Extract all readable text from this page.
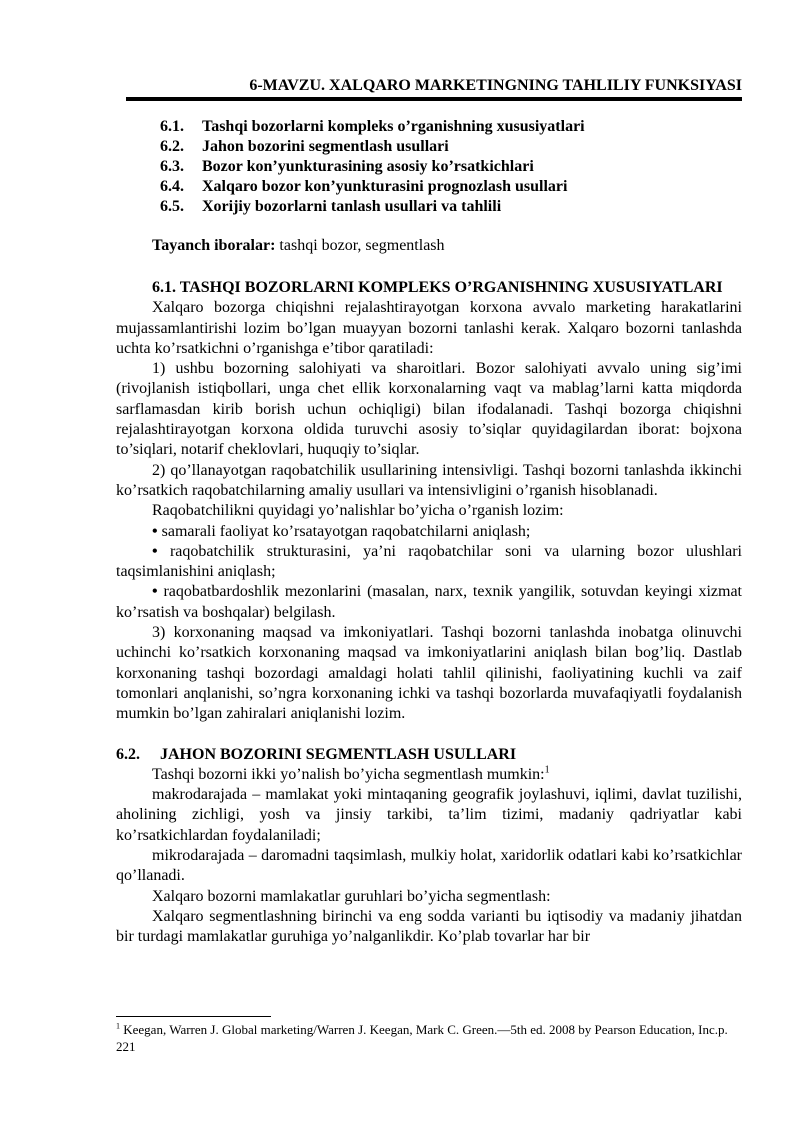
6-MAVZU. XALQARO MARKETINGNING TAHLILIY FUNKSIYASI
6.1.	Tashqi bozorlarni kompleks o’rganishning xususiyatlari
6.2.	Jahon bozorini segmentlash usullari
6.3.	Bozor kon’yunkturasining asosiy ko’rsatkichlari
6.4.	Xalqaro bozor kon’yunkturasini prognozlash usullari
6.5.	Xorijiy bozorlarni tanlash usullari va tahlili
Tayanch iboralar: tashqi bozor, segmentlash

6.1. TASHQI BOZORLARNI KOMPLEKS O’RGANISHNING XUSUSIYATLARI

Xalqaro bozorga chiqishni rejalashtirayotgan korxona avvalo marketing harakatlarini mujassamlantirishi lozim bo’lgan muayyan bozorni tanlashi kerak. Xalqaro bozorni tanlashda uchta ko’rsatkichni o’rganishga e’tibor qaratiladi:

1) ushbu bozorning salohiyati va sharoitlari. Bozor salohiyati avvalo uning sig’imi (rivojlanish istiqbollari, unga chet ellik korxonalarning vaqt va mablag’larni katta miqdorda sarflamasdan kirib borish uchun ochiqligi) bilan ifodalanadi. Tashqi bozorga chiqishni rejalashtirayotgan korxona oldida turuvchi asosiy to’siqlar quyidagilardan iborat: bojxona to’siqlari, notarif cheklovlari, huquqiy to’siqlar.

2) qo’llanayotgan raqobatchilik usullarining intensivligi. Tashqi bozorni tanlashda ikkinchi ko’rsatkich raqobatchilarning amaliy usullari va intensivligini o’rganish hisoblanadi.

Raqobatchilikni quyidagi yo’nalishlar bo’yicha o’rganish lozim:

• samarali faoliyat ko’rsatayotgan raqobatchilarni aniqlash;

• raqobatchilik strukturasini, ya’ni raqobatchilar soni va ularning bozor ulushlari taqsimlanishini aniqlash;

• raqobatbardoshlik mezonlarini (masalan, narx, texnik yangilik, sotuvdan keyingi xizmat ko’rsatish va boshqalar) belgilash.

3) korxonaning maqsad va imkoniyatlari. Tashqi bozorni tanlashda inobatga olinuvchi uchinchi ko’rsatkich korxonaning maqsad va imkoniyatlarini aniqlash bilan bog’liq. Dastlab korxonaning tashqi bozordagi amaldagi holati tahlil qilinishi, faoliyatining kuchli va zaif tomonlari anqlanishi, so’ngra korxonaning ichki va tashqi bozorlarda muvafaqiyatli foydalanish mumkin bo’lgan zahiralari aniqlanishi lozim.

6.2. JAHON BOZORINI SEGMENTLASH USULLARI

Tashqi bozorni ikki yo’nalish bo’yicha segmentlash mumkin:$^1$

makrodarajada – mamlakat yoki mintaqaning geografik joylashuvi, iqlimi, davlat tuzilishi, aholining zichligi, yosh va jinsiy tarkibi, ta’lim tizimi, madaniy qadriyatlar kabi ko’rsatkichlardan foydalaniladi;

mikrodarajada – daromadni taqsimlash, mulkiy holat, xaridorlik odatlari kabi ko’rsatkichlar qo’llanadi.

Xalqaro bozorni mamlakatlar guruhlari bo’yicha segmentlash:

Xalqaro segmentlashning birinchi va eng sodda varianti bu iqtisodiy va madaniy jihatdan bir turdagi mamlakatlar guruhiga yo’nalganlikdir. Ko’plab tovarlar har bir

$^1$ Keegan, Warren J. Global marketing/Warren J. Keegan, Mark C. Green.—5th ed. 2008 by Pearson Education, Inc.p. 221
